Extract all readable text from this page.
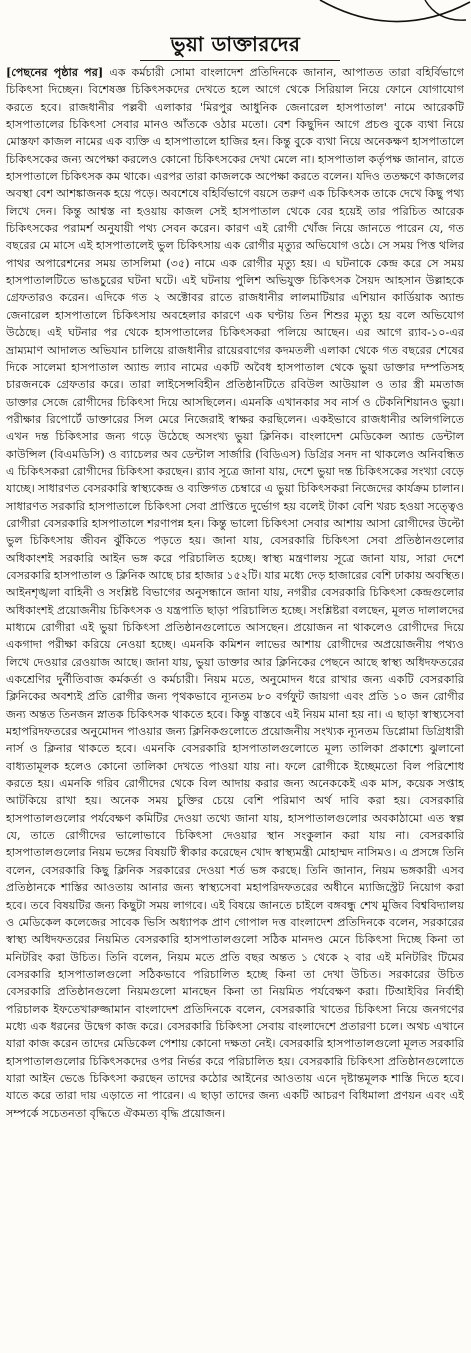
ভুয়া ডাক্তারদের
[পেছনের পৃষ্ঠার পর] এক কর্মচারী সোমা বাংলাদেশ প্রতিদিনকে জানান, আপাতত তারা বহির্বিভাগে চিকিৎসা দিচ্ছেন। বিশেষজ্ঞ চিকিৎসকদের দেখতে হলে আগে থেকে সিরিয়াল নিয়ে ফোনে যোগাযোগ করতে হবে। রাজধানীর পল্লবী এলাকার 'মিরপুর আধুনিক জেনারেল হাসপাতাল' নামে আরেকটি হাসপাতালের চিকিৎসা সেবার মানও আঁতকে ওঠার মতো। বেশ কিছুদিন আগে প্রচণ্ড বুকে ব্যথা নিয়ে মোস্তফা কাজল নামের এক ব্যক্তি এ হাসপাতালে হাজির হন। কিন্তু বুকে ব্যথা নিয়ে অনেকক্ষণ হাসপাতালে চিকিৎসকের জন্য অপেক্ষা করলেও কোনো চিকিৎসকের দেখা মেলে না। হাসপাতাল কর্তৃপক্ষ জানান, রাতে হাসপাতালে চিকিৎসক কম থাকে। এরপর তারা কাজলকে অপেক্ষা করতে বলেন। যদিও ততক্ষণে কাজলের অবস্থা বেশ আশঙ্কাজনক হয়ে পড়ে। অবশেষে বহির্বিভাগে বয়সে তরুণ এক চিকিৎসক তাকে দেখে কিছু পথ্য লিখে দেন। কিন্তু আশ্বস্ত না হওয়ায় কাজল সেই হাসপাতাল থেকে বের হয়েই তার পরিচিত আরেক চিকিৎসকের পরামর্শ অনুযায়ী পথ্য সেবন করেন। কারণ এই রোগী খোঁজ নিয়ে জানতে পারেন যে, গত বছরের মে মাসে এই হাসপাতালেই ভুল চিকিৎসায় এক রোগীর মৃত্যুর অভিযোগ ওঠে। সে সময় পিত্ত থলির পাথর অপারেশনের সময় তাসলিমা (৩৫) নামে এক রোগীর মৃত্যু হয়। এ ঘটনাকে কেন্দ্র করে সে সময় হাসপাতালটিতে ভাঙচুরের ঘটনা ঘটে। এই ঘটনায় পুলিশ অভিযুক্ত চিকিৎসক সৈয়দ আহসান উল্লাহকে গ্রেফতারও করেন। এদিকে গত ২ অক্টোবর রাতে রাজধানীর লালমাটিয়ার এশিয়ান কার্ডিয়াক অ্যান্ড জেনারেল হাসপাতালে চিকিৎসায় অবহেলার কারণে এক ঘণ্টায় তিন শিশুর মৃত্যু হয় বলে অভিযোগ উঠেছে। এই ঘটনার পর থেকে হাসপাতালের চিকিৎসকরা পলিয়ে আছেন। এর আগে র‌্যাব-১০-এর ভ্রাম্যমাণ আদালত অভিযান চালিয়ে রাজধানীর রায়েরবাগের কদমতলী এলাকা থেকে গত বছরের শেষের দিকে সালেমা হাসপাতাল অ্যান্ড ল্যাব নামের একটি অবৈধ হাসপাতাল থেকে ভুয়া ডাক্তার দম্পতিসহ চারজনকে গ্রেফতার করে। তারা লাইসেন্সবিহীন প্রতিষ্ঠানটিতে রবিউল আউয়াল ও তার স্ত্রী মমতাজ ডাক্তার সেজে রোগীদের চিকিৎসা দিয়ে আসছিলেন। এমনকি এখানকার সব নার্স ও টেকনিশিয়ানও ভুয়া। পরীক্ষার রিপোর্টে ডাক্তারের সিল মেরে নিজেরাই স্বাক্ষর করছিলেন। একইভাবে রাজধানীর অলিগলিতে এখন দন্ত চিকিৎসার জন্য গড়ে উঠেছে অসংখ্য ভুয়া ক্লিনিক। বাংলাদেশ মেডিকেল অ্যান্ড ডেন্টাল কাউন্সিল (বিএমডিসি) ও ব্যাচেলর অব ডেন্টাল সার্জারি (বিডিএস) ডিগ্রির সনদ না থাকলেও অনিবন্ধিত এ চিকিৎসকরা রোগীদের চিকিৎসা করছেন। র‌্যাব সূত্রে জানা যায়, দেশে ভুয়া দন্ত চিকিৎসকের সংখ্যা বেড়ে যাচ্ছে। সাধারণত বেসরকারি স্বাস্থ্যকেন্দ্র ও ব্যক্তিগত চেম্বারে এ ভুয়া চিকিৎসকরা নিজেদের কার্যক্রম চালান। সাধারণত সরকারি হাসপাতালে চিকিৎসা সেবা প্রাপ্তিতে দুর্ভোগ হয় বলেই টাকা বেশি খরচ হওয়া সত্ত্বেও রোগীরা বেসরকারি হাসপাতালে শরণাপন্ন হন। কিন্তু ভালো চিকিৎসা সেবার আশায় আসা রোগীদের উল্টো ভুল চিকিৎসায় জীবন ঝুঁকিতে পড়তে হয়। জানা যায়, বেসরকারি চিকিৎসা সেবা প্রতিষ্ঠানগুলোর অধিকাংশই সরকারি আইন ভঙ্গ করে পরিচালিত হচ্ছে। স্বাস্থ্য মন্ত্রণালয় সূত্রে জানা যায়, সারা দেশে বেসরকারি হাসপাতাল ও ক্লিনিক আছে চার হাজার ১৫২টি। যার মধ্যে দেড় হাজারের বেশি ঢাকায় অবস্থিত। আইনশৃঙ্খলা বাহিনী ও সংশ্লিষ্ট বিভাগের অনুসন্ধানে জানা যায়, নগরীর বেসরকারি চিকিৎসা কেন্দ্রগুলোর অধিকাংশই প্রয়োজনীয় চিকিৎসক ও যন্ত্রপাতি ছাড়া পরিচালিত হচ্ছে। সংশ্লিষ্টরা বলছেন, মূলত দালালদের মাধ্যমে রোগীরা এই ভুয়া চিকিৎসা প্রতিষ্ঠানগুলোতে আসছেন। প্রয়োজন না থাকলেও রোগীদের দিয়ে একগাদা পরীক্ষা করিয়ে নেওয়া হচ্ছে। এমনকি কমিশন লাভের আশায় রোগীদের অপ্রয়োজনীয় পথ্যও লিখে দেওয়ার রেওয়াজ আছে। জানা যায়, ভুয়া ডাক্তার আর ক্লিনিকের পেছনে আছে স্বাস্থ্য অধিদফতরের একশ্রেণির দুর্নীতিবাজ কর্মকর্তা ও কর্মচারী। নিয়ম মতে, অনুমোদন ধরে রাখার জন্য একটি বেসরকারি ক্লিনিকের অবশ্যই প্রতি রোগীর জন্য পৃথকভাবে ন্যূনতম ৮০ বর্গফুট জায়গা এবং প্রতি ১০ জন রোগীর জন্য অন্তত তিনজন স্নাতক চিকিৎসক থাকতে হবে। কিন্তু বাস্তবে এই নিয়ম মানা হয় না। এ ছাড়া স্বাস্থ্যসেবা মহাপরিদফতরের অনুমোদন পাওয়ার জন্য ক্লিনিকগুলোতে প্রয়োজনীয় সংখ্যক ন্যূনতম ডিপ্লোমা ডিগ্রিধারী নার্স ও ক্লিনার থাকতে হবে। এমনকি বেসরকারি হাসপাতালগুলোতে মূল্য তালিকা প্রকাশ্যে ঝুলানো বাধ্যতামূলক হলেও কোনো তালিকা দেখতে পাওয়া যায় না। ফলে রোগীকে ইচ্ছেমতো বিল পরিশোধ করতে হয়। এমনকি গরিব রোগীদের থেকে বিল আদায় করার জন্য অনেককেই এক মাস, কয়েক সপ্তাহ আটকিয়ে রাখা হয়। অনেক সময় চুক্তির চেয়ে বেশি পরিমাণ অর্থ দাবি করা হয়। বেসরকারি হাসপাতালগুলোর পর্যবেক্ষণ কমিটির দেওয়া তথ্যে জানা যায়, হাসপাতালগুলোর অবকাঠামো এত স্বল্প যে, তাতে রোগীদের ভালোভাবে চিকিৎসা দেওয়ার স্থান সংকুলান করা যায় না। বেসরকারি হাসপাতালগুলোর নিয়ম ভঙ্গের বিষয়টি স্বীকার করেছেন খোদ স্বাস্থ্যমন্ত্রী মোহাম্মদ নাসিমও। এ প্রসঙ্গে তিনি বলেন, বেসরকারি কিছু ক্লিনিক সরকারের দেওয়া শর্ত ভঙ্গ করছে। তিনি জানান, নিয়ম ভঙ্গকারী এসব প্রতিষ্ঠানকে শাস্তির আওতায় আনার জন্য স্বাস্থ্যসেবা মহাপরিদফতরের অধীনে ম্যাজিস্ট্রেট নিয়োগ করা হবে। তবে বিষয়টির জন্য কিছুটা সময় লাগবে। এই বিষয়ে জানতে চাইলে বঙ্গবন্ধু শেখ মুজিব বিশ্ববিদ্যালয় ও মেডিকেল কলেজের সাবেক ভিসি অধ্যাপক প্রাণ গোপাল দত্ত বাংলাদেশ প্রতিদিনকে বলেন, সরকারের স্বাস্থ্য অধিদফতরের নিয়মিত বেসরকারি হাসপাতালগুলো সঠিক মানদণ্ড মেনে চিকিৎসা দিচ্ছে কিনা তা মনিটরিং করা উচিত। তিনি বলেন, নিয়ম মতে প্রতি বছর অন্তত ১ থেকে ২ বার এই মনিটরিং টিমের বেসরকারি হাসপাতালগুলো সঠিকভাবে পরিচালিত হচ্ছে কিনা তা দেখা উচিত। সরকারের উচিত বেসরকারি প্রতিষ্ঠানগুলো নিয়মগুলো মানছেন কিনা তা নিয়মিত পর্যবেক্ষণ করা। টিআইবির নির্বাহী পরিচালক ইফতেখারুজ্জামান বাংলাদেশ প্রতিদিনকে বলেন, বেসরকারি খাতের চিকিৎসা নিয়ে জনগণের মধ্যে এক ধরনের উদ্বেগ কাজ করে। বেসরকারি চিকিৎসা সেবায় বাংলাদেশে প্রতারণা চলে। অথচ এখানে যারা কাজ করেন তাদের মেডিকেল পেশায় কোনো দক্ষতা নেই। বেসরকারি হাসপাতালগুলো মূলত সরকারি হাসপাতালগুলোর চিকিৎসকদের ওপর নির্ভর করে পরিচালিত হয়। বেসরকারি চিকিৎসা প্রতিষ্ঠানগুলোতে যারা আইন ভেঙে চিকিৎসা করছেন তাদের কঠোর আইনের আওতায় এনে দৃষ্টান্তমূলক শাস্তি দিতে হবে। যাতে করে তারা দায় এড়াতে না পারেন। এ ছাড়া তাদের জন্য একটি আচরণ বিধিমালা প্রণয়ন এবং এই সম্পর্কে সচেতনতা বৃদ্ধিতে ঐকমত্য বৃদ্ধি প্রয়োজন।
